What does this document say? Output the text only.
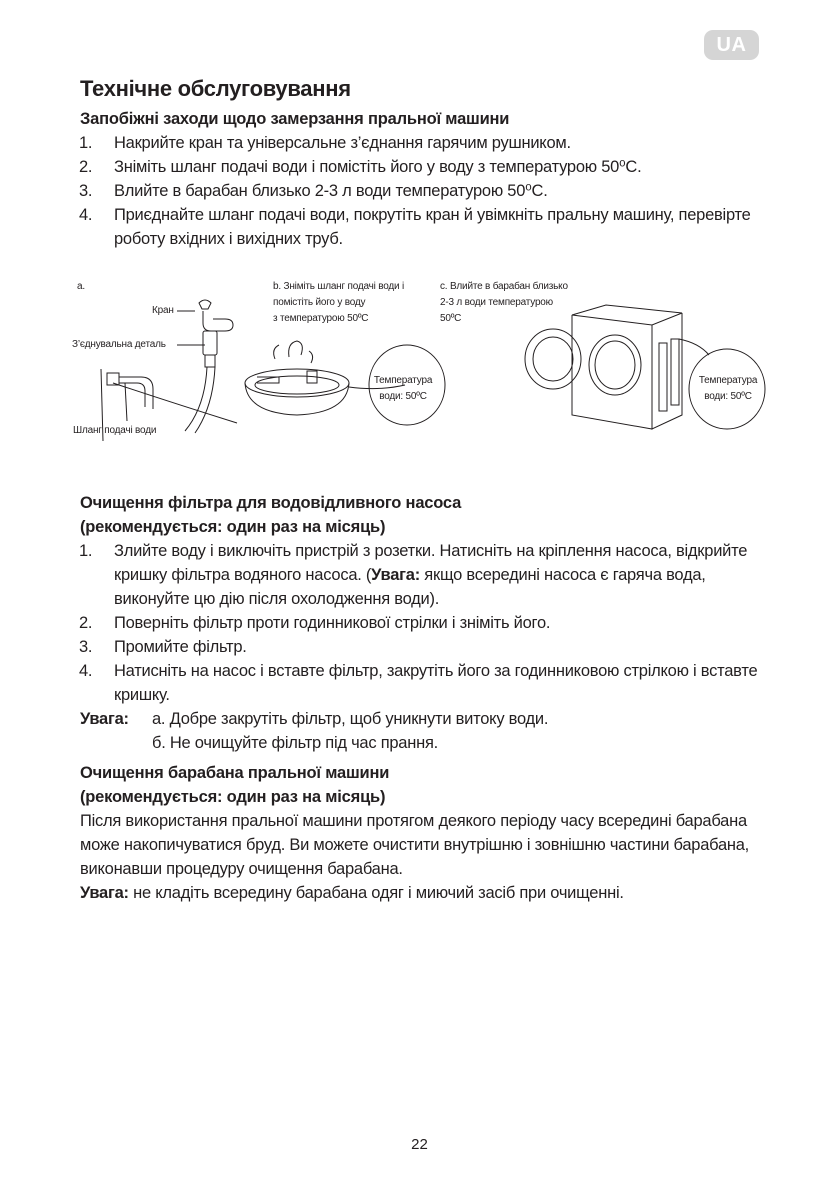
UA
Технічне обслуговування
Запобіжні заходи щодо замерзання пральної машини
1.	Накрийте кран та універсальне з’єднання гарячим рушником.
2.	Зніміть шланг подачі води і помістіть його у воду з температурою 50⁰С.
3.	Влийте в барабан близько 2-3 л води температурою 50⁰С.
4.	Приєднайте шланг подачі води, покрутіть кран й увімкніть пральну машину, перевірте роботу вхідних і вихідних труб.
a.
Кран
З’єднувальна деталь
Шланг подачі води
b. Зніміть шланг подачі води і
помістіть його у воду
з температурою 50ºС
Температура
води: 50ºС
c. Влийте в барабан близько
2-3 л води температурою
50ºС
Температура
води: 50ºС
Очищення фільтра для водовідливного насоса
(рекомендується: один раз на місяць)
1.	Злийте воду і виключіть пристрій з розетки. Натисніть на кріплення насоса, відкрийте кришку фільтра водяного насоса. (Увага: якщо всередині насоса є гаряча вода, виконуйте цю дію після охолодження води).
2.	Поверніть фільтр проти годинникової стрілки і зніміть його.
3.	Промийте фільтр.
4.	Натисніть на насос і вставте фільтр, закрутіть його за годинниковою стрілкою і вставте кришку.
Увага:	а. Добре закрутіть фільтр, щоб уникнути витоку води.
б. Не очищуйте фільтр під час прання.
Очищення барабана пральної машини
(рекомендується: один раз на місяць)
Після використання пральної машини протягом деякого періоду часу всередині барабана може накопичуватися бруд. Ви можете очистити внутрішню і зовнішню частини барабана, виконавши процедуру очищення барабана.
Увага: не кладіть всередину барабана одяг і миючий засіб при очищенні.
22
